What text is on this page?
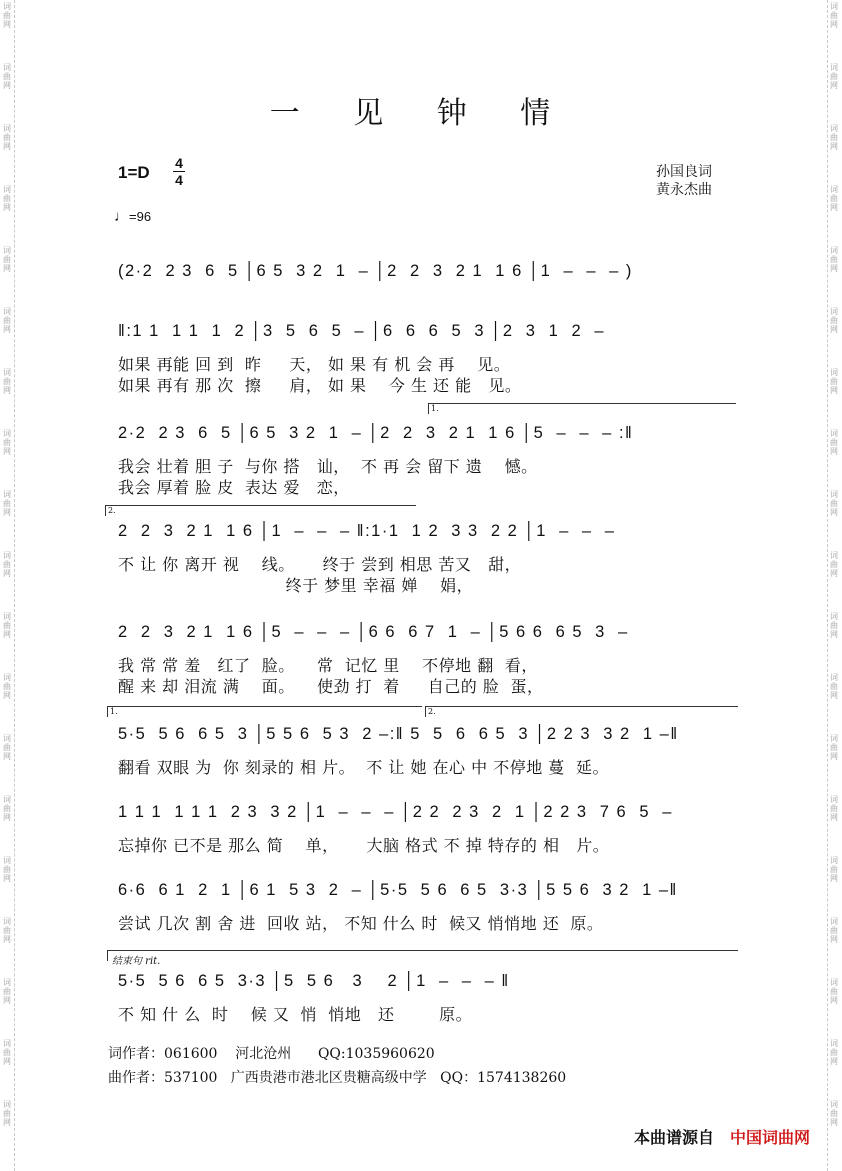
词
曲
网
词
曲
网
词
曲
网
词
曲
网
词
曲
网
词
曲
网
词
曲
网
词
曲
网
词
曲
网
词
曲
网
词
曲
网
词
曲
网
词
曲
网
词
曲
网
词
曲
网
词
曲
网
词
曲
网
词
曲
网
词
曲
网
词
曲
网
词
曲
网
词
曲
网
词
曲
网
词
曲
网
词
曲
网
词
曲
网
词
曲
网
词
曲
网
词
曲
网
词
曲
网
词
曲
网
词
曲
网
词
曲
网
词
曲
网
词
曲
网
词
曲
网
词
曲
网
词
曲
网
一 见 钟 情
1=D 4
4	孙国良词
黄永杰曲
♩=96
1.
2.
1.	2.
结束句 rit.
(2·2  2 3  6  5 │6 5  3 2  1  – │2  2  3  2 1  1 6 │1  –  –  – )
‖:1 1  1 1  1  2 │3  5  6  5  – │6  6  6  5  3 │2  3  1  2  –
如果 再能 回 到  昨     天， 如 果 有 机 会 再    见。
如果 再有 那 次  擦     肩， 如 果    今 生 还 能   见。
2·2  2 3  6  5 │6 5  3 2  1  – │2  2  3  2 1  1 6 │5  –  –  – :‖
我会 壮着 胆 子  与你 搭   讪，  不 再 会 留下 遗    憾。
我会 厚着 脸 皮  表达 爱   恋，
2  2  3  2 1  1 6 │1  –  –  – ‖:1·1  1 2  3 3  2 2 │1  –  –  –
不 让 你 离开 视    线。     终于 尝到 相思 苦又   甜，
终于 梦里 幸福 婵    娟，
2  2  3  2 1  1 6 │5  –  –  – │6 6  6 7  1  – │5 6 6  6 5  3  –
我 常 常 羞   红了  脸。    常  记忆 里    不停地 翻  看，
醒 来 却 泪流 满    面。    使劲 打  着     自己的 脸  蛋，
5·5  5 6  6 5  3 │5 5 6  5 3  2 –:‖ 5  5  6  6 5  3 │2 2 3  3 2  1 –‖
翻看 双眼 为  你 刻录的 相 片。  不 让 她 在心 中 不停地 蔓  延。
1 1 1  1 1 1  2 3  3 2 │1  –  –  – │2 2  2 3  2  1 │2 2 3  7 6  5  –
忘掉你 已不是 那么 简    单，     大脑 格式 不 掉 特存的 相   片。
6·6  6 1  2  1 │6 1  5 3  2  – │5·5  5 6  6 5  3·3 │5 5 6  3 2  1 –‖
尝试 几次 割 舍 进  回收 站， 不知 什么 时  候又 悄悄地 还  原。
5·5  5 6  6 5  3·3 │5  5 6   3    2 │1  –  –  – ‖
不 知 什 么  时    候 又  悄  悄地   还        原。
词作者：061600    河北沧州      QQ:1035960620
曲作者：537100   广西贵港市港北区贵糖高级中学   QQ：1574138260
本曲谱源自 中国词曲网
